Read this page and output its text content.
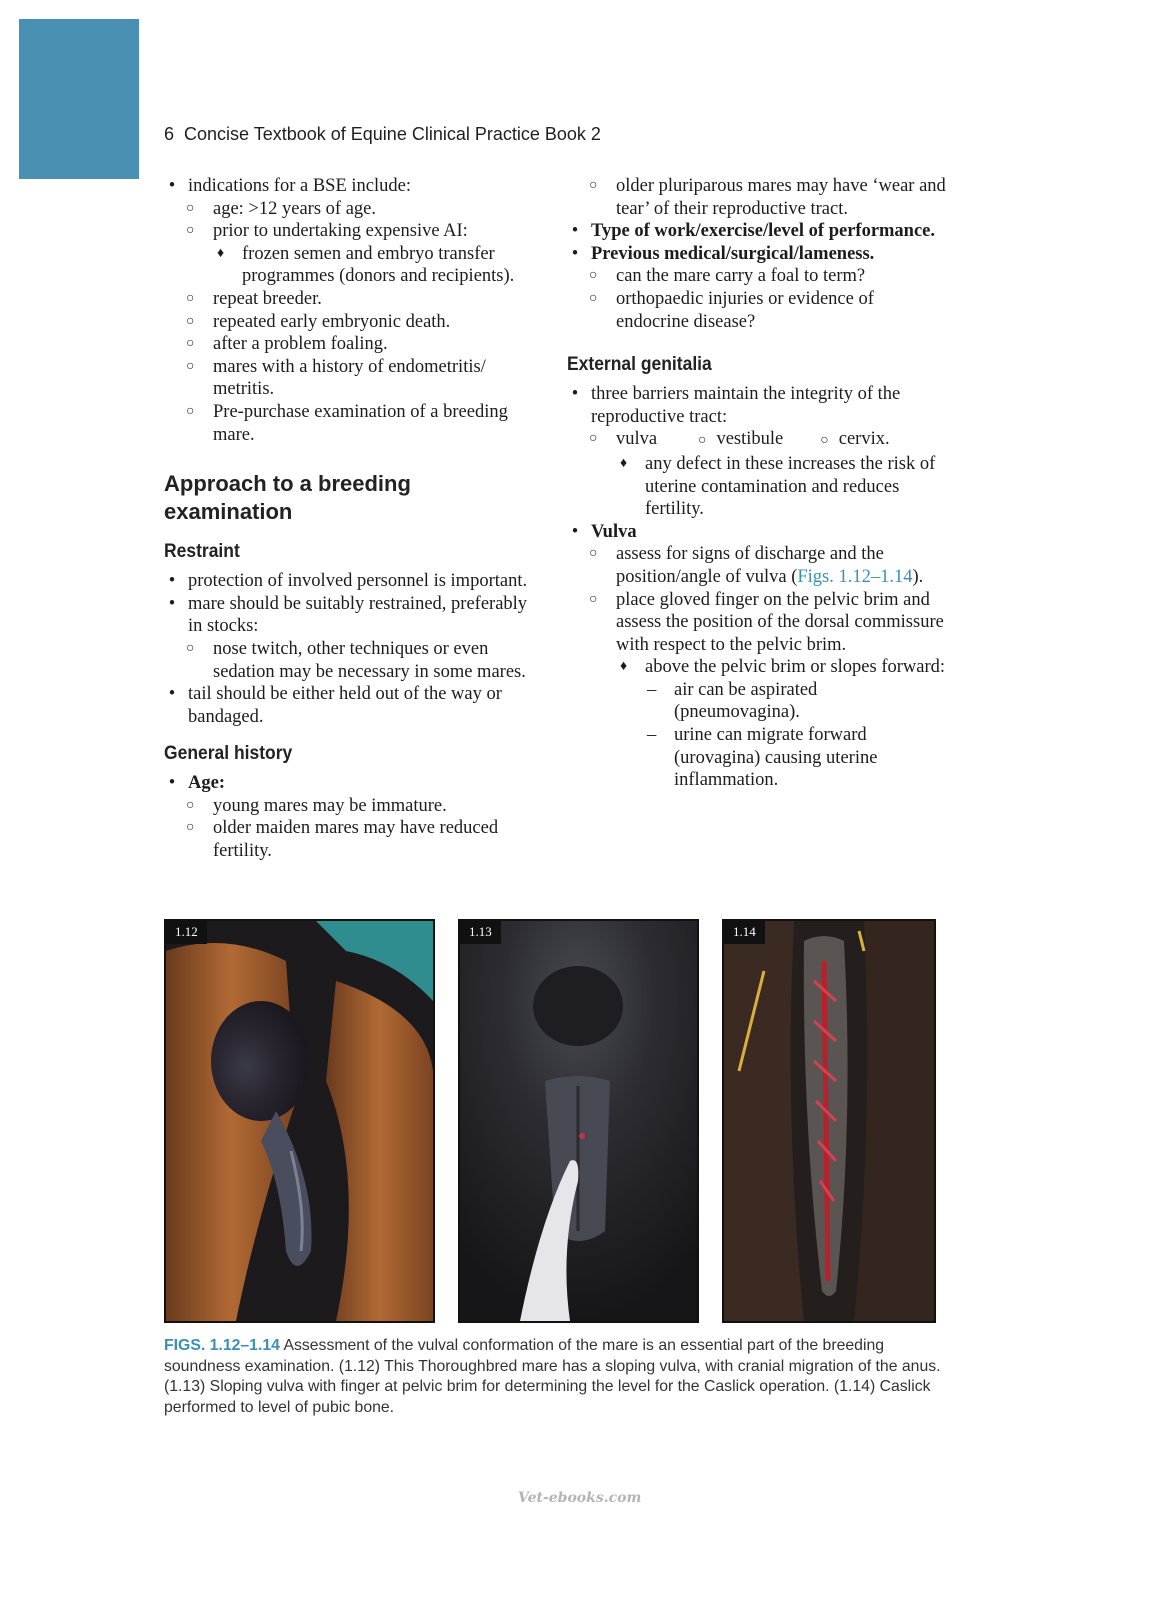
6 Concise Textbook of Equine Clinical Practice Book 2
• indications for a BSE include:
○ age: >12 years of age.
○ prior to undertaking expensive AI:
♦ frozen semen and embryo transfer programmes (donors and recipients).
○ repeat breeder.
○ repeated early embryonic death.
○ after a problem foaling.
○ mares with a history of endometritis/ metritis.
○ Pre-purchase examination of a breeding mare.
Approach to a breeding examination
Restraint
• protection of involved personnel is important.
• mare should be suitably restrained, preferably in stocks:
○ nose twitch, other techniques or even sedation may be necessary in some mares.
• tail should be either held out of the way or bandaged.
General history
• Age:
○ young mares may be immature.
○ older maiden mares may have reduced fertility.
○ older pluriparous mares may have ‘wear and tear’ of their reproductive tract.
• Type of work/exercise/level of performance.
• Previous medical/surgical/lameness.
○ can the mare carry a foal to term?
○ orthopaedic injuries or evidence of endocrine disease?
External genitalia
• three barriers maintain the integrity of the reproductive tract:
○ vulva	○ vestibule	○ cervix.
♦ any defect in these increases the risk of uterine contamination and reduces fertility.
• Vulva
○ assess for signs of discharge and the position/angle of vulva (Figs. 1.12–1.14).
○ place gloved finger on the pelvic brim and assess the position of the dorsal commissure with respect to the pelvic brim.
♦ above the pelvic brim or slopes forward:
– air can be aspirated (pneumovagina).
– urine can migrate forward (urovagina) causing uterine inflammation.
1.12	1.13	1.14
FIGS. 1.12–1.14 Assessment of the vulval conformation of the mare is an essential part of the breeding soundness examination. (1.12) This Thoroughbred mare has a sloping vulva, with cranial migration of the anus. (1.13) Sloping vulva with finger at pelvic brim for determining the level for the Caslick operation. (1.14) Caslick performed to level of pubic bone.
Vet-ebooks.com
